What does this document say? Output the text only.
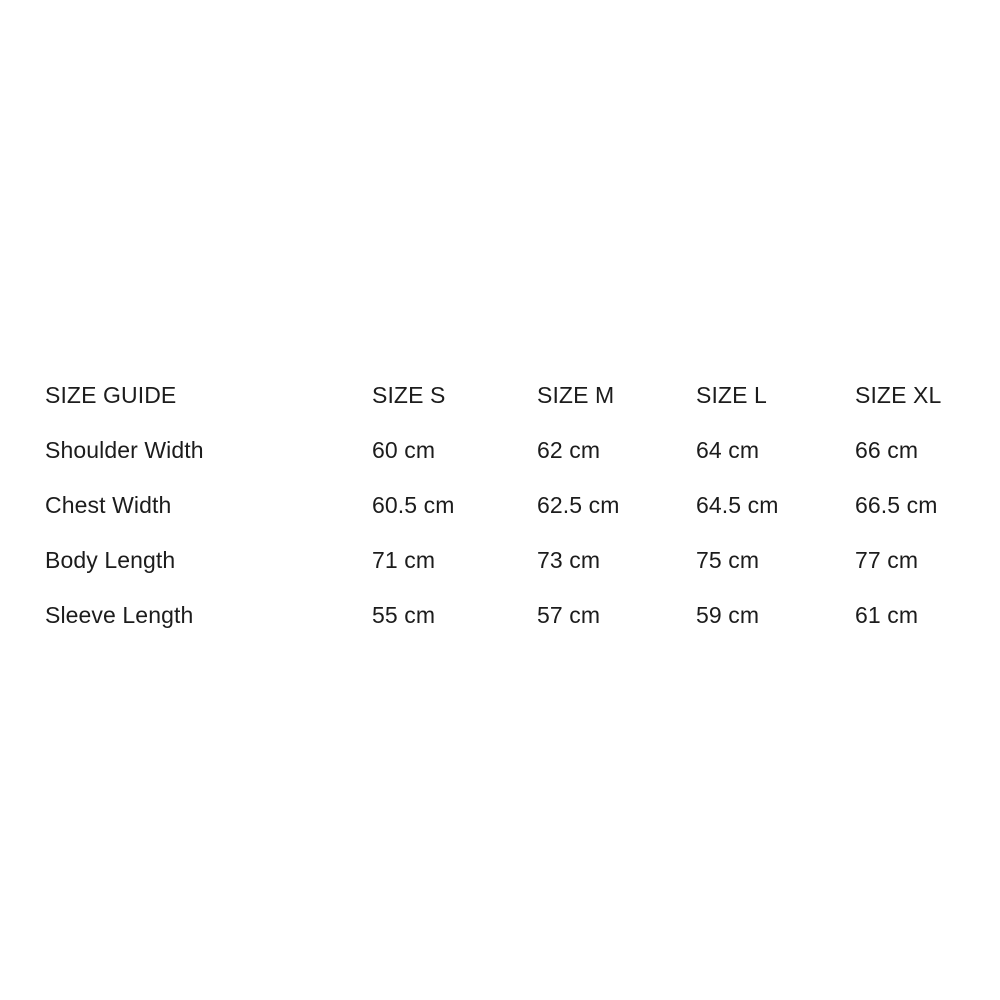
SIZE GUIDE	SIZE S	SIZE M	SIZE L	SIZE XL
Shoulder Width	60 cm	62 cm	64 cm	66 cm
Chest Width	60.5 cm	62.5 cm	64.5 cm	66.5 cm
Body Length	71 cm	73 cm	75 cm	77 cm
Sleeve Length	55 cm	57 cm	59 cm	61 cm
